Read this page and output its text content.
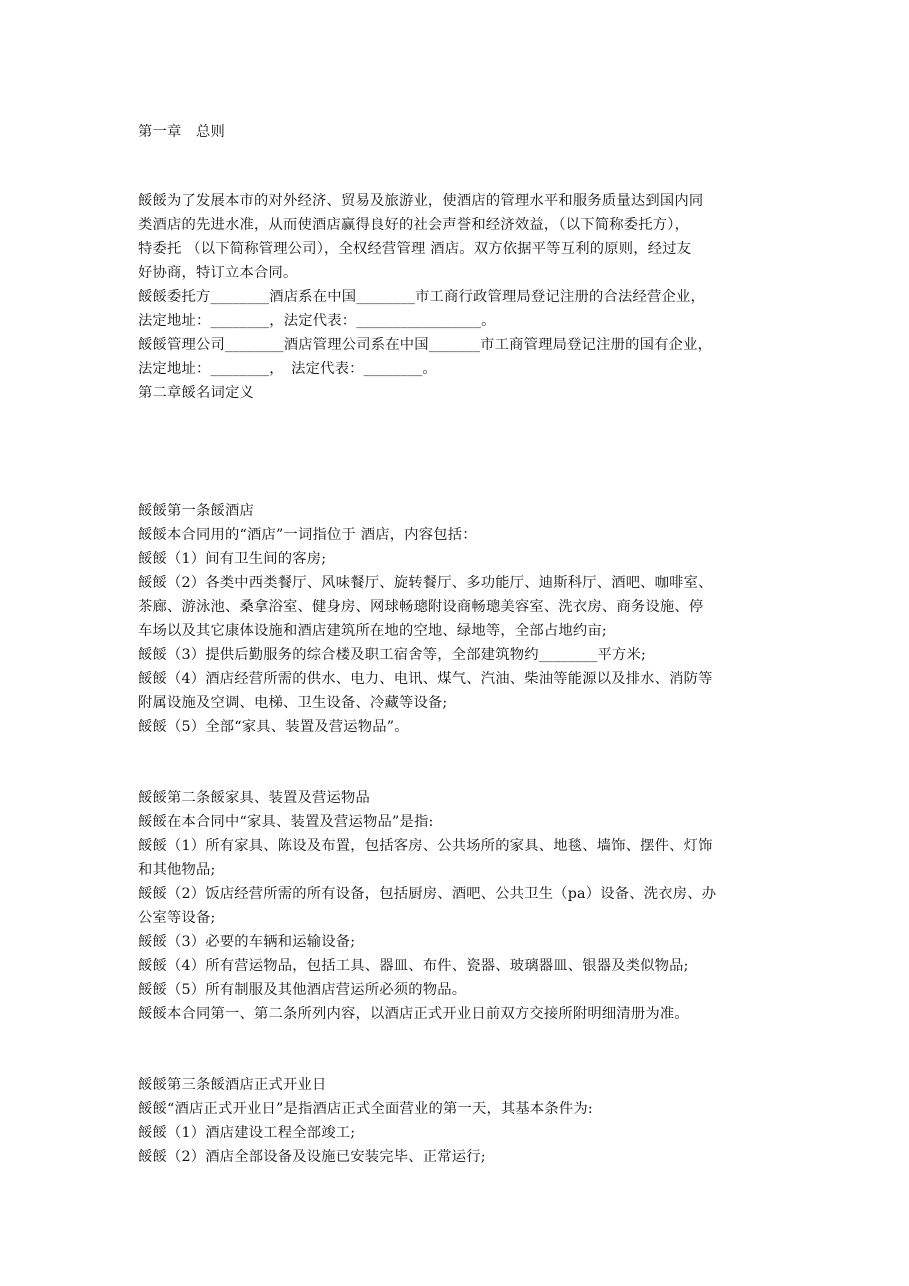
第一章　总则
餒餒为了发展本市的对外经济、贸易及旅游业，使酒店的管理水平和服务质量达到国内同
类酒店的先进水准，从而使酒店赢得良好的社会声誉和经济效益，（以下简称委托方），
特委托 （以下简称管理公司），全权经营管理 酒店。双方依据平等互利的原则，经过友
好协商，特订立本合同。
餒餒委托方________酒店系在中国________市工商行政管理局登记注册的合法经营企业，
法定地址：________，法定代表：_________________。
餒餒管理公司________酒店管理公司系在中国_______市工商管理局登记注册的国有企业，
法定地址：________，　法定代表：________。
第二章餒名词定义
餒餒第一条餒酒店
餒餒本合同用的“酒店”一词指位于 酒店，内容包括：
餒餒（1）间有卫生间的客房;
餒餒（2）各类中西类餐厅、风味餐厅、旋转餐厅、多功能厅、迪斯科厅、酒吧、咖啡室、
茶廊、游泳池、桑拿浴室、健身房、网球畅璁附设商畅璁美容室、洗衣房、商务设施、停
车场以及其它康体设施和酒店建筑所在地的空地、绿地等，全部占地约亩;
餒餒（3）提供后勤服务的综合楼及职工宿舍等，全部建筑物约________平方米;
餒餒（4）酒店经营所需的供水、电力、电讯、煤气、汽油、柴油等能源以及排水、消防等
附属设施及空调、电梯、卫生设备、冷藏等设备;
餒餒（5）全部“家具、装置及营运物品”。
餒餒第二条餒家具、装置及营运物品
餒餒在本合同中“家具、装置及营运物品”是指:
餒餒（1）所有家具、陈设及布置，包括客房、公共场所的家具、地毯、墙饰、摆件、灯饰
和其他物品;
餒餒（2）饭店经营所需的所有设备，包括厨房、酒吧、公共卫生（pa）设备、洗衣房、办
公室等设备;
餒餒（3）必要的车辆和运输设备;
餒餒（4）所有营运物品，包括工具、器皿、布件、瓷器、玻璃器皿、银器及类似物品;
餒餒（5）所有制服及其他酒店营运所必须的物品。
餒餒本合同第一、第二条所列内容，以酒店正式开业日前双方交接所附明细清册为准。
餒餒第三条餒酒店正式开业日
餒餒“酒店正式开业日”是指酒店正式全面营业的第一天，其基本条件为:
餒餒（1）酒店建设工程全部竣工;
餒餒（2）酒店全部设备及设施已安装完毕、正常运行;
